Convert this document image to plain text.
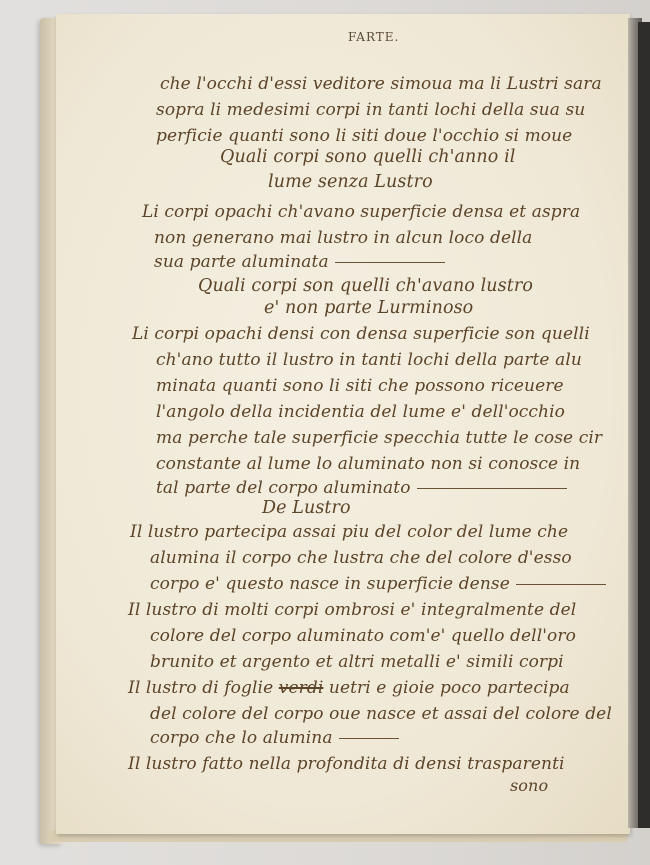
FARTE.
che l'occhi d'essi veditore simoua ma li Lustri sara
sopra li medesimi corpi in tanti lochi della sua su
perficie quanti sono li siti doue l'occhio si moue
Quali corpi sono quelli ch'anno il
lume senza Lustro
Li corpi opachi ch'avano superficie densa et aspra
non generano mai lustro in alcun loco della
sua parte aluminata
Quali corpi son quelli ch'avano lustro
e' non parte Lurminoso
Li corpi opachi densi con densa superficie son quelli
ch'ano tutto il lustro in tanti lochi della parte alu
minata quanti sono li siti che possono riceuere
l'angolo della incidentia del lume e' dell'occhio
ma perche tale superficie specchia tutte le cose cir
constante al lume lo aluminato non si conosce in
tal parte del corpo aluminato
De Lustro
Il lustro partecipa assai piu del color del lume che
alumina il corpo che lustra che del colore d'esso
corpo e' questo nasce in superficie dense
Il lustro di molti corpi ombrosi e' integralmente del
colore del corpo aluminato com'e' quello dell'oro
brunito et argento et altri metalli e' simili corpi
Il lustro di foglie verdi uetri e gioie poco partecipa
del colore del corpo oue nasce et assai del colore del
corpo che lo alumina
Il lustro fatto nella profondita di densi trasparenti
sono
